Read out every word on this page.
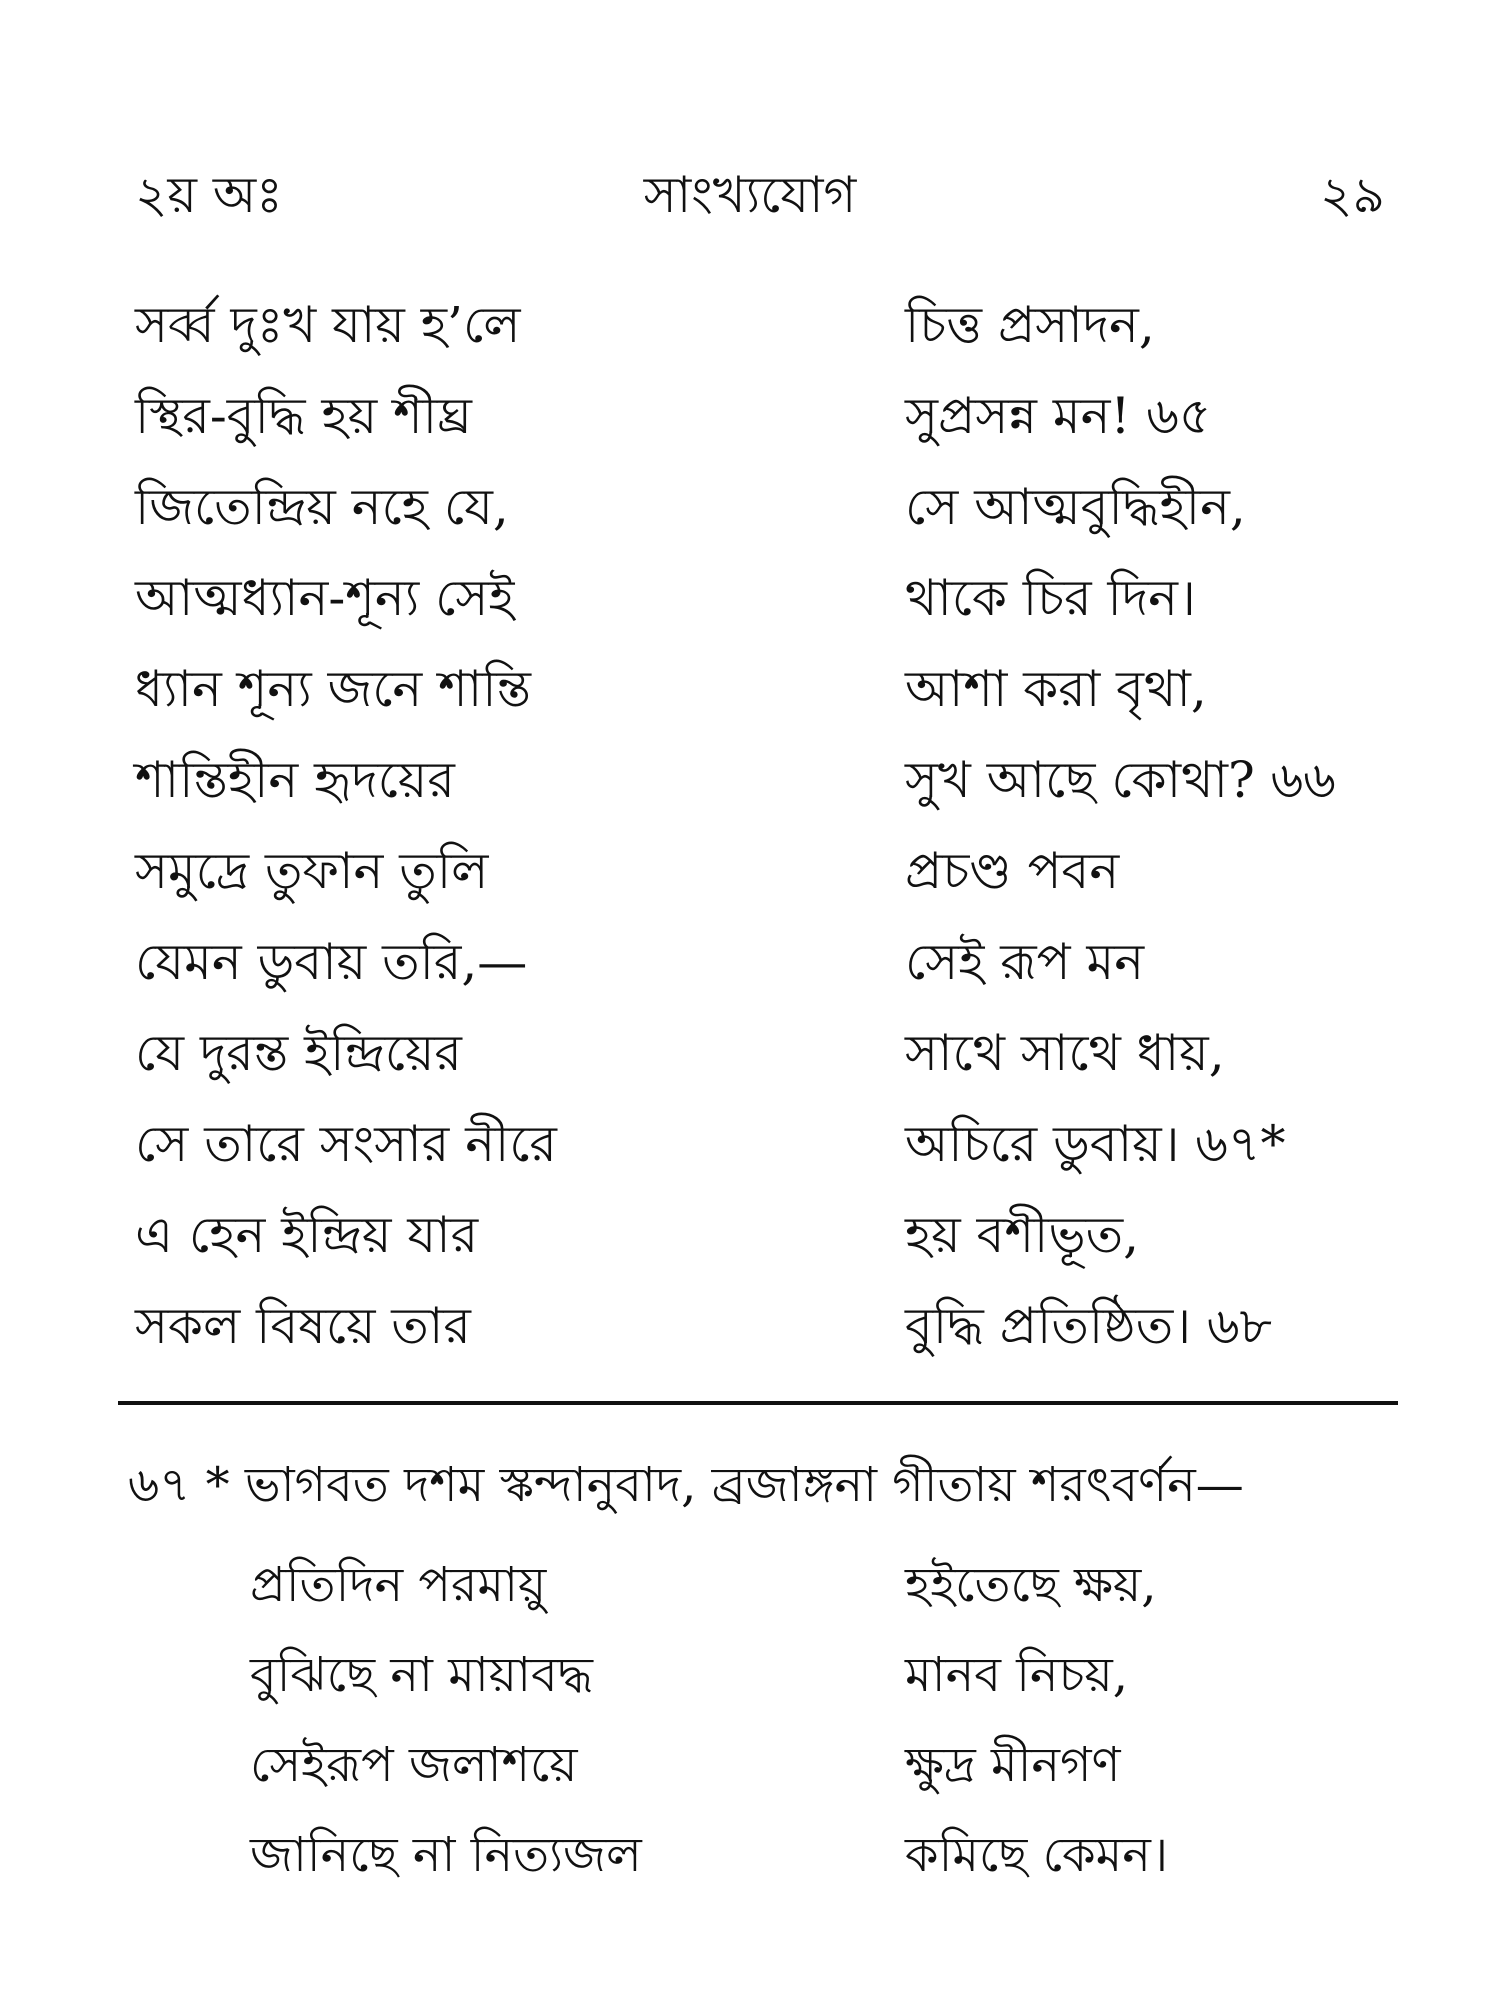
২য় অঃ	সাংখ্যযোগ	২৯
সর্ব্ব দুঃখ যায় হ’লে	চিত্ত প্রসাদন,
স্থির-বুদ্ধি হয় শীঘ্র	সুপ্রসন্ন মন! ৬৫
জিতেন্দ্রিয় নহে যে,	সে আত্মবুদ্ধিহীন,
আত্মধ্যান-শূন্য সেই	থাকে চির দিন।
ধ্যান শূন্য জনে শান্তি	আশা করা বৃথা,
শান্তিহীন হৃদয়ের	সুখ আছে কোথা? ৬৬
সমুদ্রে তুফান তুলি	প্রচণ্ড পবন
যেমন ডুবায় তরি,—	সেই রূপ মন
যে দুরন্ত ইন্দ্রিয়ের	সাথে সাথে ধায়,
সে তারে সংসার নীরে	অচিরে ডুবায়। ৬৭*
এ হেন ইন্দ্রিয় যার	হয় বশীভূত,
সকল বিষয়ে তার	বুদ্ধি প্রতিষ্ঠিত। ৬৮
৬৭ * ভাগবত দশম স্কন্দানুবাদ, ব্রজাঙ্গনা গীতায় শরৎবর্ণন—
প্রতিদিন পরমায়ু	হইতেছে ক্ষয়,
বুঝিছে না মায়াবদ্ধ	মানব নিচয়,
সেইরূপ জলাশয়ে	ক্ষুদ্র মীনগণ
জানিছে না নিত্যজল	কমিছে কেমন।
